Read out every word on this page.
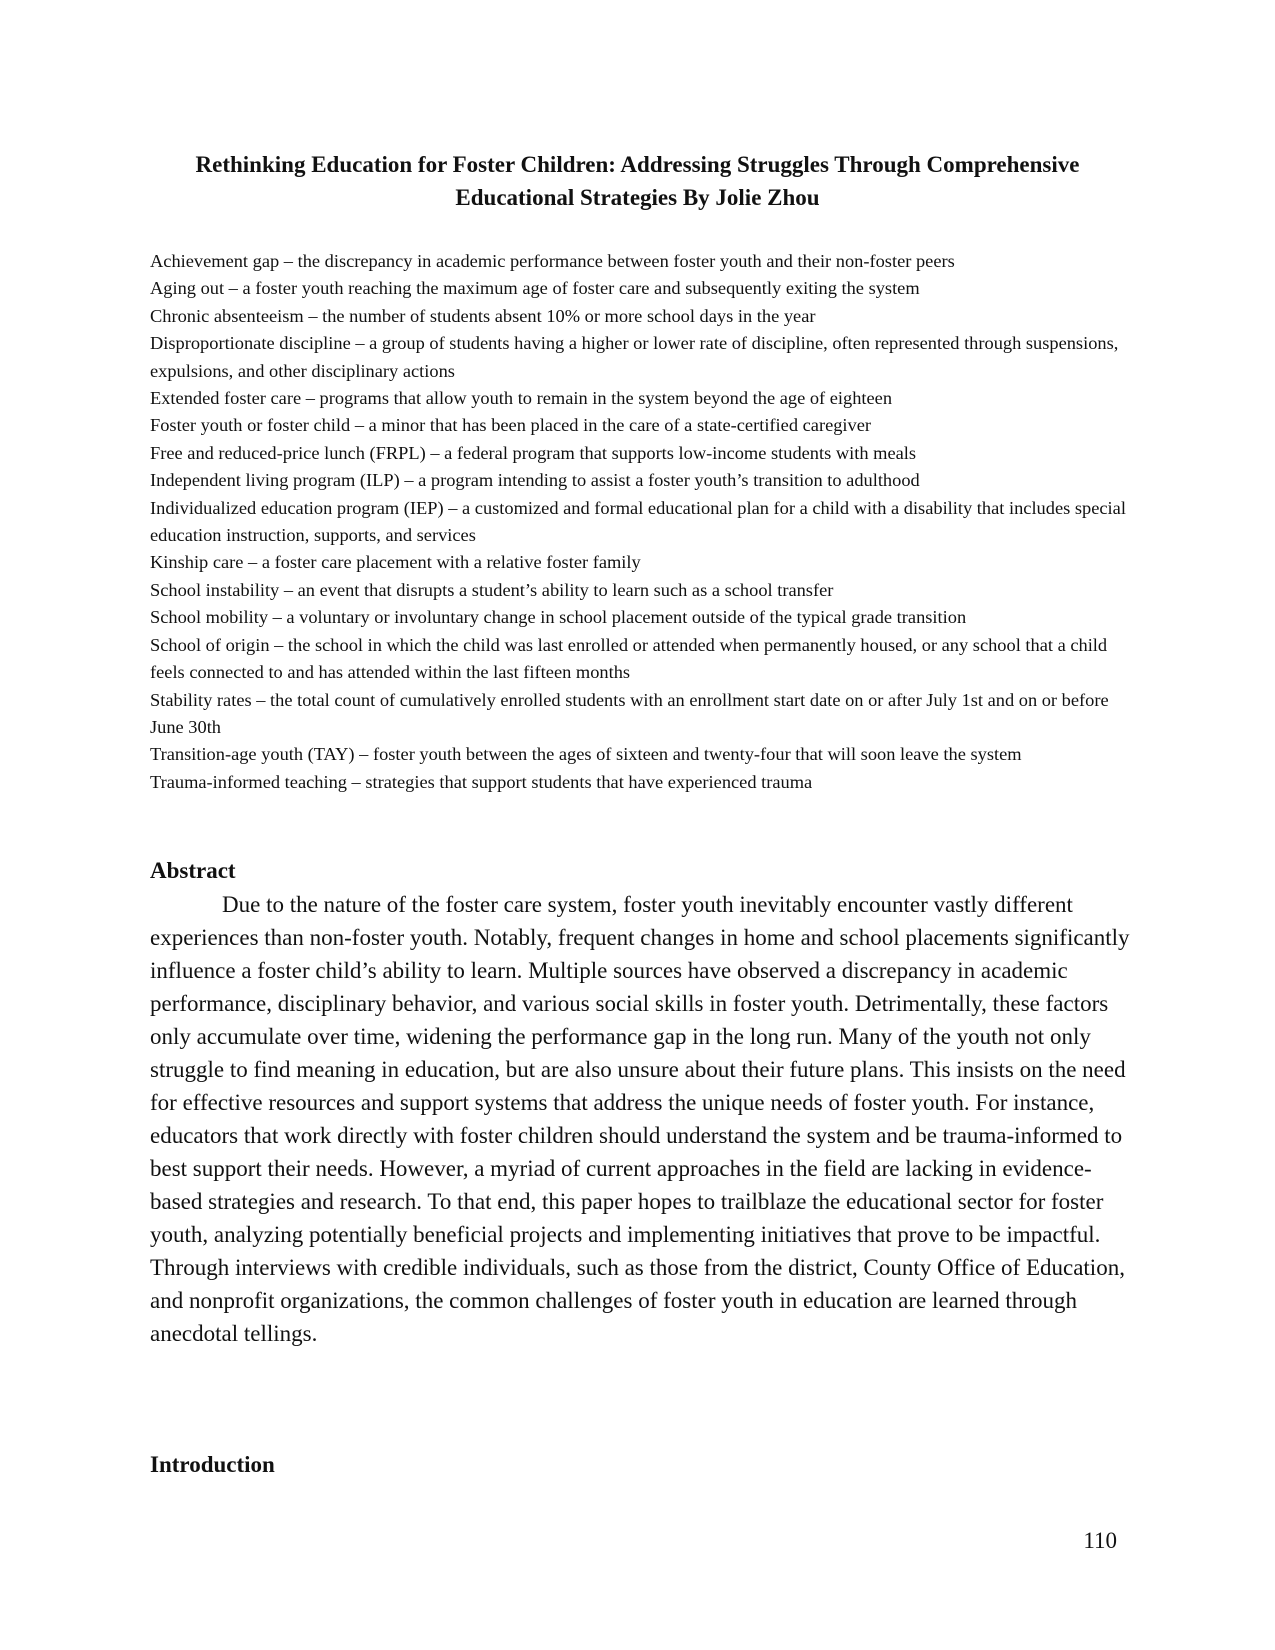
Rethinking Education for Foster Children: Addressing Struggles Through Comprehensive
Educational Strategies By Jolie Zhou
Achievement gap – the discrepancy in academic performance between foster youth and their non-foster peers
Aging out – a foster youth reaching the maximum age of foster care and subsequently exiting the system
Chronic absenteeism – the number of students absent 10% or more school days in the year
Disproportionate discipline – a group of students having a higher or lower rate of discipline, often represented through suspensions, expulsions, and other disciplinary actions
Extended foster care – programs that allow youth to remain in the system beyond the age of eighteen
Foster youth or foster child – a minor that has been placed in the care of a state-certified caregiver
Free and reduced-price lunch (FRPL) – a federal program that supports low-income students with meals
Independent living program (ILP) – a program intending to assist a foster youth’s transition to adulthood
Individualized education program (IEP) – a customized and formal educational plan for a child with a disability that includes special education instruction, supports, and services
Kinship care – a foster care placement with a relative foster family
School instability – an event that disrupts a student’s ability to learn such as a school transfer
School mobility – a voluntary or involuntary change in school placement outside of the typical grade transition
School of origin – the school in which the child was last enrolled or attended when permanently housed, or any school that a child feels connected to and has attended within the last fifteen months
Stability rates – the total count of cumulatively enrolled students with an enrollment start date on or after July 1st and on or before June 30th
Transition-age youth (TAY) – foster youth between the ages of sixteen and twenty-four that will soon leave the system
Trauma-informed teaching – strategies that support students that have experienced trauma
Abstract

Due to the nature of the foster care system, foster youth inevitably encounter vastly different experiences than non-foster youth. Notably, frequent changes in home and school placements significantly influence a foster child’s ability to learn. Multiple sources have observed a discrepancy in academic performance, disciplinary behavior, and various social skills in foster youth. Detrimentally, these factors only accumulate over time, widening the performance gap in the long run. Many of the youth not only struggle to find meaning in education, but are also unsure about their future plans. This insists on the need for effective resources and support systems that address the unique needs of foster youth. For instance, educators that work directly with foster children should understand the system and be trauma-informed to best support their needs. However, a myriad of current approaches in the field are lacking in evidence-based strategies and research. To that end, this paper hopes to trailblaze the educational sector for foster youth, analyzing potentially beneficial projects and implementing initiatives that prove to be impactful. Through interviews with credible individuals, such as those from the district, County Office of Education, and nonprofit organizations, the common challenges of foster youth in education are learned through anecdotal tellings.

Introduction
110
